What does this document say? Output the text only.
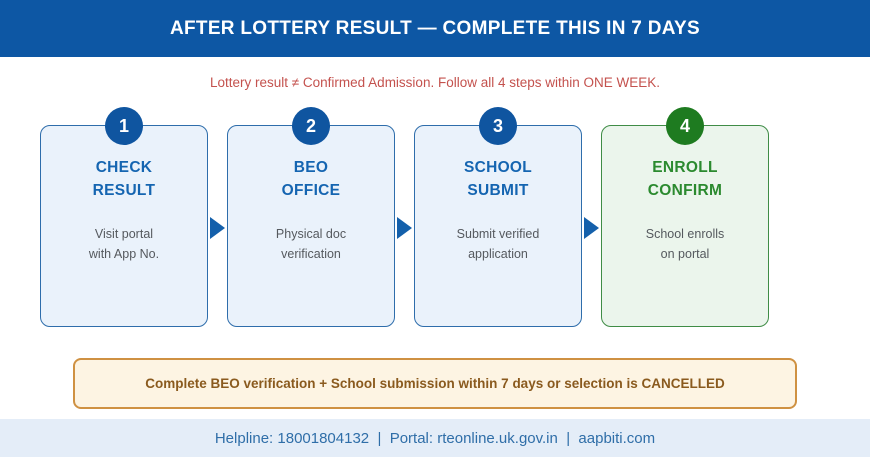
AFTER LOTTERY RESULT — COMPLETE THIS IN 7 DAYS
Lottery result ≠ Confirmed Admission. Follow all 4 steps within ONE WEEK.
1
CHECK
RESULT
Visit portal
with App No.
2
BEO
OFFICE
Physical doc
verification
3
SCHOOL
SUBMIT
Submit verified
application
4
ENROLL
CONFIRM
School enrolls
on portal
Complete BEO verification + School submission within 7 days or selection is CANCELLED
Helpline: 18001804132  |  Portal: rteonline.uk.gov.in  |  aapbiti.com
